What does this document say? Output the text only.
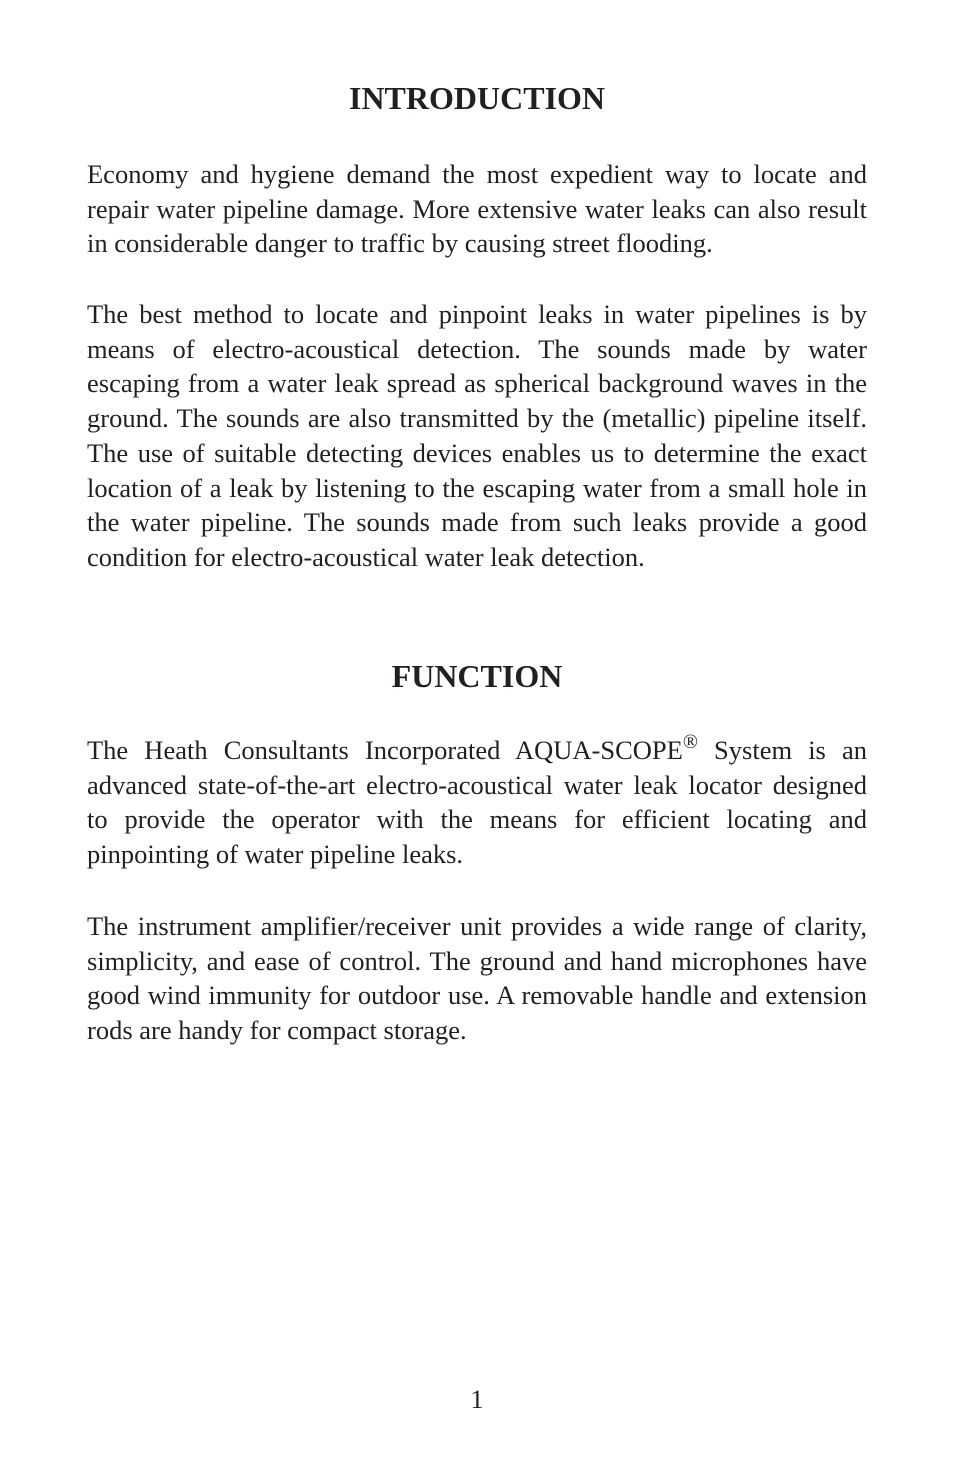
INTRODUCTION

Economy and hygiene demand the most expedient way to locate and repair water pipeline damage. More extensive water leaks can also result in considerable danger to traffic by causing street flooding.

The best method to locate and pinpoint leaks in water pipelines is by means of electro-acoustical detection. The sounds made by water escaping from a water leak spread as spherical background waves in the ground. The sounds are also transmitted by the (metallic) pipeline itself. The use of suitable detecting devices enables us to determine the exact location of a leak by listening to the escaping water from a small hole in the water pipeline. The sounds made from such leaks provide a good condition for electro-acoustical water leak detection.

FUNCTION

The Heath Consultants Incorporated AQUA-SCOPE® System is an advanced state-of-the-art electro-acoustical water leak locator designed to provide the operator with the means for efficient locating and pinpointing of water pipeline leaks.

The instrument amplifier/receiver unit provides a wide range of clarity, simplicity, and ease of control. The ground and hand microphones have good wind immunity for outdoor use. A removable handle and extension rods are handy for compact storage.

1
